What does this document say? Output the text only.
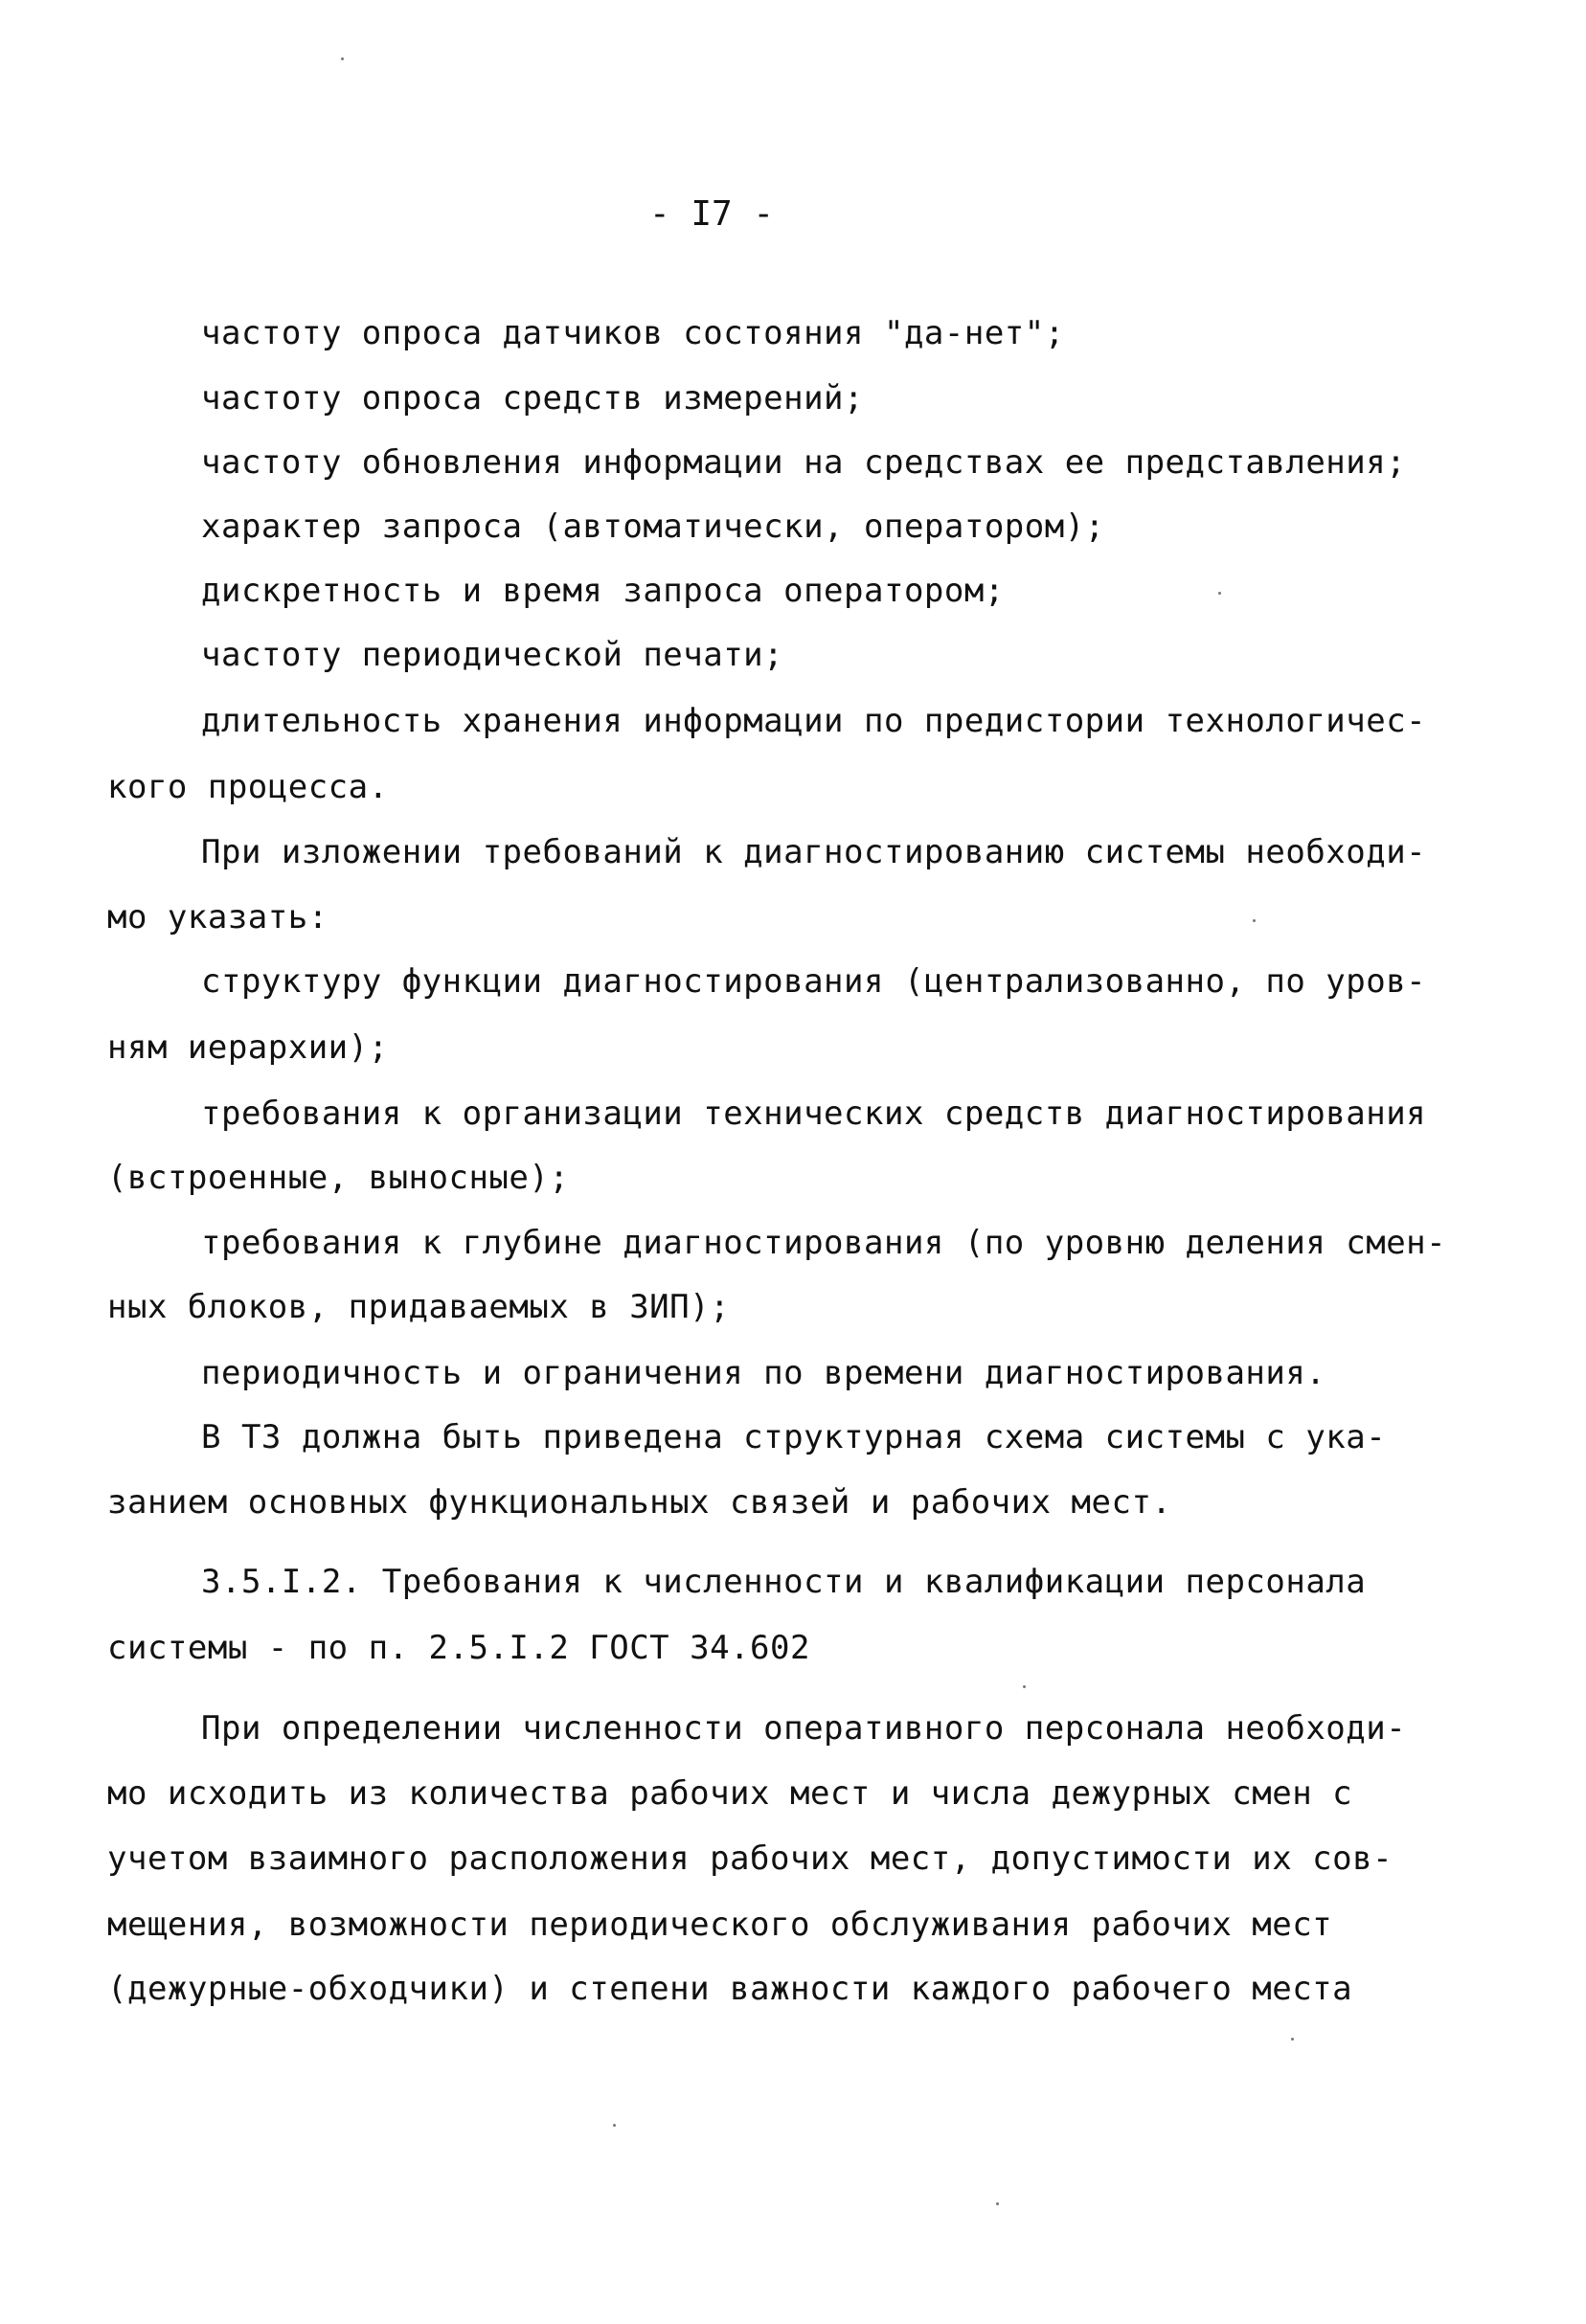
- I7 -
частоту опроса датчиков состояния "да-нет";
частоту опроса средств измерений;
частоту обновления информации на средствах ее представления;
характер запроса (автоматически, оператором);
дискретность и время запроса оператором;
частоту периодической печати;
длительность хранения информации по предистории технологичес-
кого процесса.
При изложении требований к диагностированию системы необходи-
мо указать:
структуру функции диагностирования (централизованно, по уров-
ням иерархии);
требования к организации технических средств диагностирования
(встроенные, выносные);
требования к глубине диагностирования (по уровню деления смен-
ных блоков, придаваемых в ЗИП);
периодичность и ограничения по времени диагностирования.
В ТЗ должна быть приведена структурная схема системы с ука-
занием основных функциональных связей и рабочих мест.
3.5.I.2. Требования к численности и квалификации персонала
системы - по п. 2.5.I.2 ГОСТ 34.602
При определении численности оперативного персонала необходи-
мо исходить из количества рабочих мест и числа дежурных смен с
учетом взаимного расположения рабочих мест, допустимости их сов-
мещения, возможности периодического обслуживания рабочих мест
(дежурные-обходчики) и степени важности каждого рабочего места
